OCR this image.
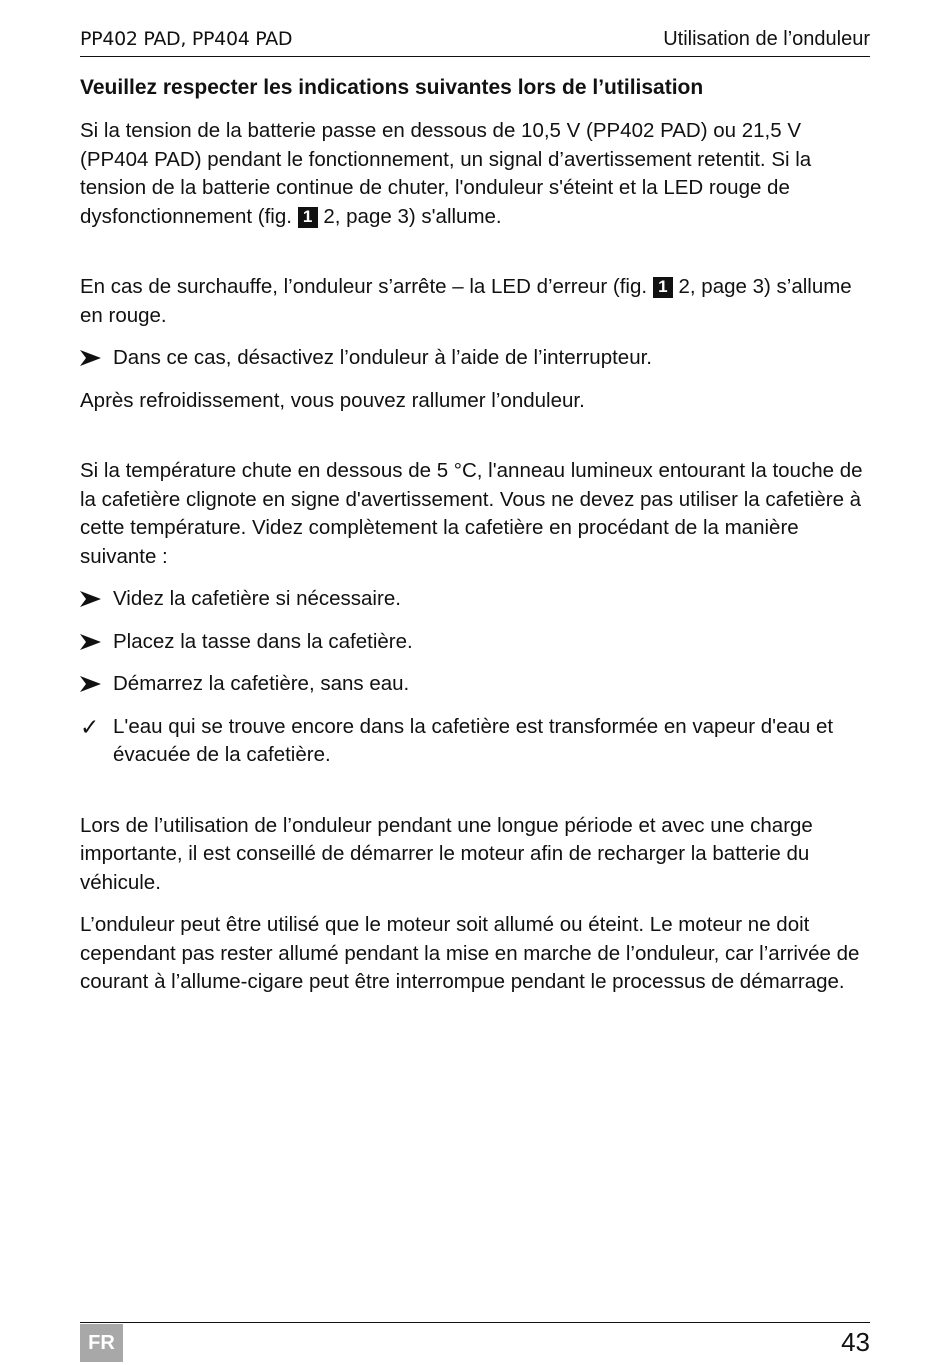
PP402 PAD, PP404 PAD	Utilisation de l’onduleur
Veuillez respecter les indications suivantes lors de l’utilisation

Si la tension de la batterie passe en dessous de 10,5 V (PP402 PAD) ou 21,5 V (PP404 PAD) pendant le fonctionnement, un signal d’avertissement retentit. Si la tension de la batterie continue de chuter, l'onduleur s'éteint et la LED rouge de dysfonctionnement (fig. 1 2, page 3) s'allume.

En cas de surchauffe, l’onduleur s’arrête – la LED d’erreur (fig. 1 2, page 3) s’allume en rouge.

Dans ce cas, désactivez l’onduleur à l’aide de l’interrupteur.

Après refroidissement, vous pouvez rallumer l’onduleur.

Si la température chute en dessous de 5 °C, l'anneau lumineux entourant la touche de la cafetière clignote en signe d'avertissement. Vous ne devez pas utiliser la cafetière à cette température. Videz complètement la cafetière en procédant de la manière suivante :

Videz la cafetière si nécessaire.
Placez la tasse dans la cafetière.
Démarrez la cafetière, sans eau.
✓ L'eau qui se trouve encore dans la cafetière est transformée en vapeur d'eau et évacuée de la cafetière.

Lors de l’utilisation de l’onduleur pendant une longue période et avec une charge importante, il est conseillé de démarrer le moteur afin de recharger la batterie du véhicule.

L’onduleur peut être utilisé que le moteur soit allumé ou éteint. Le moteur ne doit cependant pas rester allumé pendant la mise en marche de l’onduleur, car l’arrivée de courant à l’allume-cigare peut être interrompue pendant le processus de démarrage.

FR	43
